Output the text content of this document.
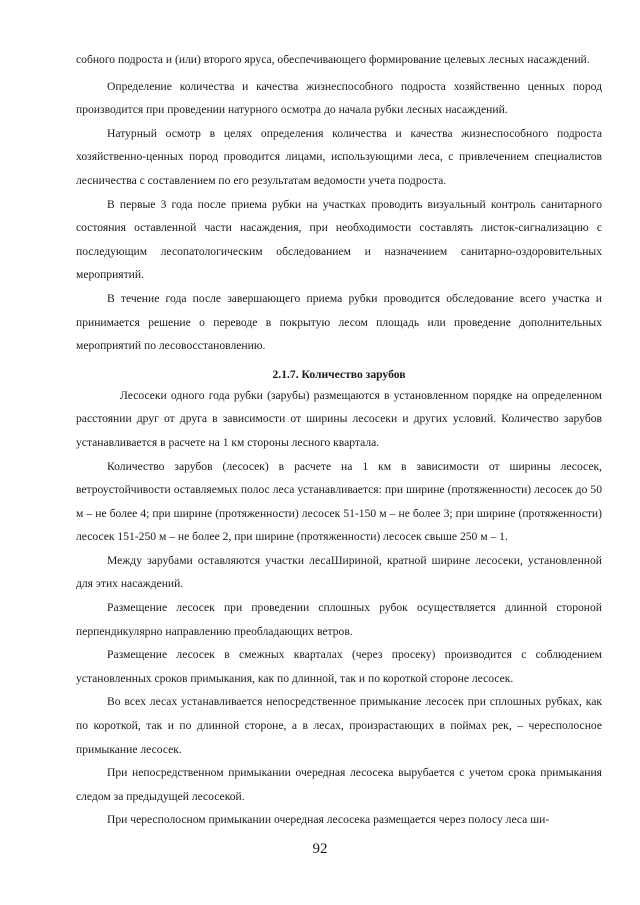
собного подроста и (или) второго яруса, обеспечивающего формирование целевых лесных насаждений.

Определение количества и качества жизнеспособного подроста хозяйственно ценных пород производится при проведении натурного осмотра до начала рубки лесных насаждений.

Натурный осмотр в целях определения количества и качества жизнеспособного подроста хозяйственно-ценных пород проводится лицами, использующими леса, с привлечением специалистов лесничества с составлением по его результатам ведомости учета подроста.

В первые 3 года после приема рубки на участках проводить визуальный контроль санитарного состояния оставленной части насаждения, при необходимости составлять листок-сигнализацию с последующим лесопатологическим обследованием и назначением санитарно-оздоровительных мероприятий.

В течение года после завершающего приема рубки проводится обследование всего участка и принимается решение о переводе в покрытую лесом площадь или проведение дополнительных мероприятий по лесовосстановлению.

2.1.7. Количество зарубов

Лесосеки одного года рубки (зарубы) размещаются в установленном порядке на определенном расстоянии друг от друга в зависимости от ширины лесосеки и других условий. Количество зарубов устанавливается в расчете на 1 км стороны лесного квартала.

Количество зарубов (лесосек) в расчете на 1 км в зависимости от ширины лесосек, ветроустойчивости оставляемых полос леса устанавливается: при ширине (протяженности) лесосек до 50 м – не более 4; при ширине (протяженности) лесосек 51-150 м – не более 3; при ширине (протяженности) лесосек 151-250 м – не более 2, при ширине (протяженности) лесосек свыше 250 м – 1.

Между зарубами оставляются участки лесаШириной, кратной ширине лесосеки, установленной для этих насаждений.

Размещение лесосек при проведении сплошных рубок осуществляется длинной стороной перпендикулярно направлению преобладающих ветров.

Размещение лесосек в смежных кварталах (через просеку) производится с соблюдением установленных сроков примыкания, как по длинной, так и по короткой стороне лесосек.

Во всех лесах устанавливается непосредственное примыкание лесосек при сплошных рубках, как по короткой, так и по длинной стороне, а в лесах, произрастающих в поймах рек, – чересполосное примыкание лесосек.

При непосредственном примыкании очередная лесосека вырубается с учетом срока примыкания следом за предыдущей лесосекой.

При чересполосном примыкании очередная лесосека размещается через полосу леса ши-

92
